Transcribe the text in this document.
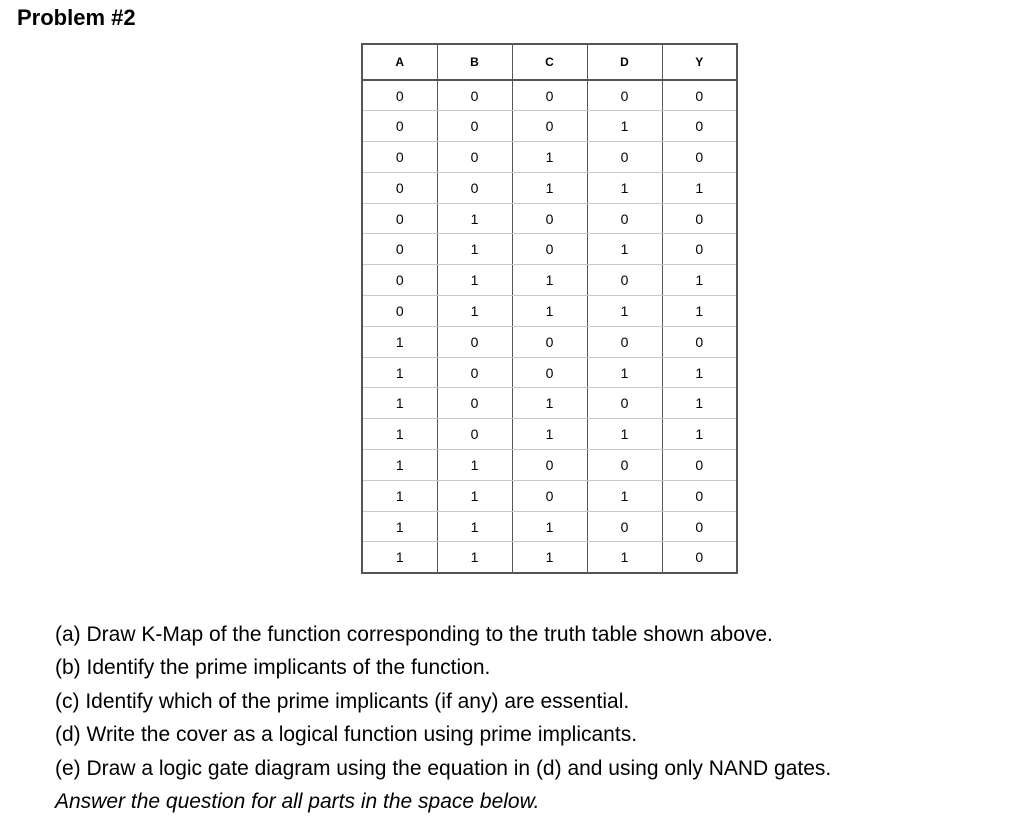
Problem #2
A	B	C	D	Y
0	0	0	0	0
0	0	0	1	0
0	0	1	0	0
0	0	1	1	1
0	1	0	0	0
0	1	0	1	0
0	1	1	0	1
0	1	1	1	1
1	0	0	0	0
1	0	0	1	1
1	0	1	0	1
1	0	1	1	1
1	1	0	0	0
1	1	0	1	0
1	1	1	0	0
1	1	1	1	0
(a) Draw K-Map of the function corresponding to the truth table shown above.
(b) Identify the prime implicants of the function.
(c) Identify which of the prime implicants (if any) are essential.
(d) Write the cover as a logical function using prime implicants.
(e) Draw a logic gate diagram using the equation in (d) and using only NAND gates.
Answer the question for all parts in the space below.
